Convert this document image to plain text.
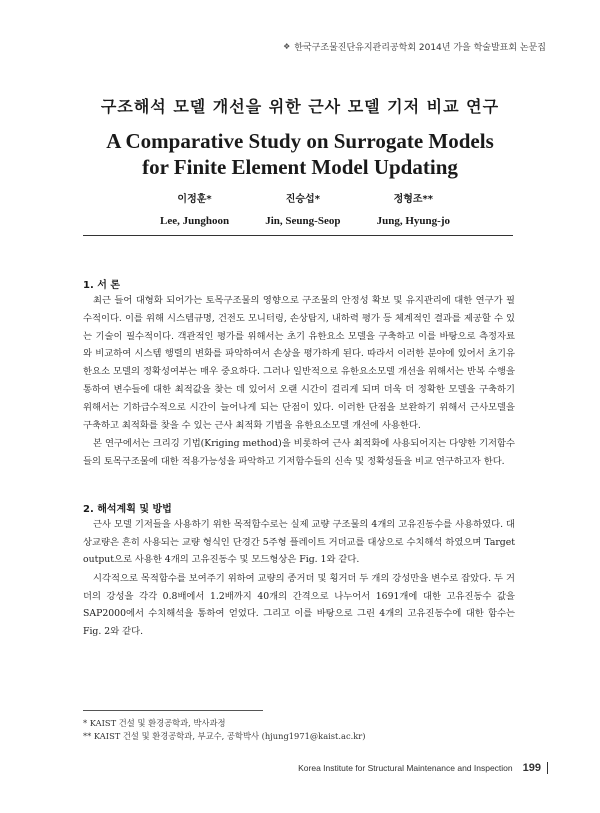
❖ 한국구조물진단유지관리공학회 2014년 가을 학술발표회 논문집
구조해석 모델 개선을 위한 근사 모델 기저 비교 연구
A Comparative Study on Surrogate Models
for Finite Element Model Updating
이정훈*
Lee, Junghoon
진승섭*
Jin, Seung-Seop
정형조**
Jung, Hyung-jo
1. 서 론

최근 들어 대형화 되어가는 토목구조물의 영향으로 구조물의 안정성 확보 및 유지관리에 대한 연구가 필수적이다. 이를 위해 시스템규명, 건전도 모니터링, 손상탐지, 내하력 평가 등 체계적인 결과를 제공할 수 있는 기술이 필수적이다. 객관적인 평가를 위해서는 초기 유한요소 모델을 구축하고 이를 바탕으로 측정자료와 비교하여 시스템 행렬의 변화를 파악하여서 손상을 평가하게 된다. 따라서 이러한 분야에 있어서 초기유한요소 모델의 정확성여부는 매우 중요하다. 그러나 일반적으로 유한요소모델 개선을 위해서는 반복 수행을 통하여 변수들에 대한 최적값을 찾는 데 있어서 오랜 시간이 걸리게 되며 더욱 더 정확한 모델을 구축하기 위해서는 기하급수적으로 시간이 늘어나게 되는 단점이 있다. 이러한 단점을 보완하기 위해서 근사모델을 구축하고 최적화를 찾을 수 있는 근사 최적화 기법을 유한요소모델 개선에 사용한다.

본 연구에서는 크리깅 기법(Kriging method)을 비롯하여 근사 최적화에 사용되어지는 다양한 기저함수들의 토목구조물에 대한 적용가능성을 파악하고 기저함수들의 신속 및 정확성들을 비교 연구하고자 한다.

2. 해석계획 및 방법

근사 모델 기저들을 사용하기 위한 목적함수로는 실제 교량 구조물의 4개의 고유진동수를 사용하였다. 대상교량은 흔히 사용되는 교량 형식인 단경간 5주형 플레이트 거더교를 대상으로 수치해석 하였으며 Target output으로 사용한 4개의 고유진동수 및 모드형상은 Fig. 1와 같다.

시각적으로 목적함수를 보여주기 위하여 교량의 종거더 및 횡거더 두 개의 강성만을 변수로 잡았다. 두 거더의 강성을 각각 0.8배에서 1.2배까지 40개의 간격으로 나누어서 1691개에 대한 고유진동수 값을 SAP2000에서 수치해석을 통하여 얻었다. 그리고 이를 바탕으로 그린 4개의 고유진동수에 대한 함수는 Fig. 2와 같다.

* KAIST 건설 및 환경공학과, 박사과정
** KAIST 건설 및 환경공학과, 부교수, 공학박사 (hjung1971@kaist.ac.kr)
Korea Institute for Structural Maintenance and Inspection 199
